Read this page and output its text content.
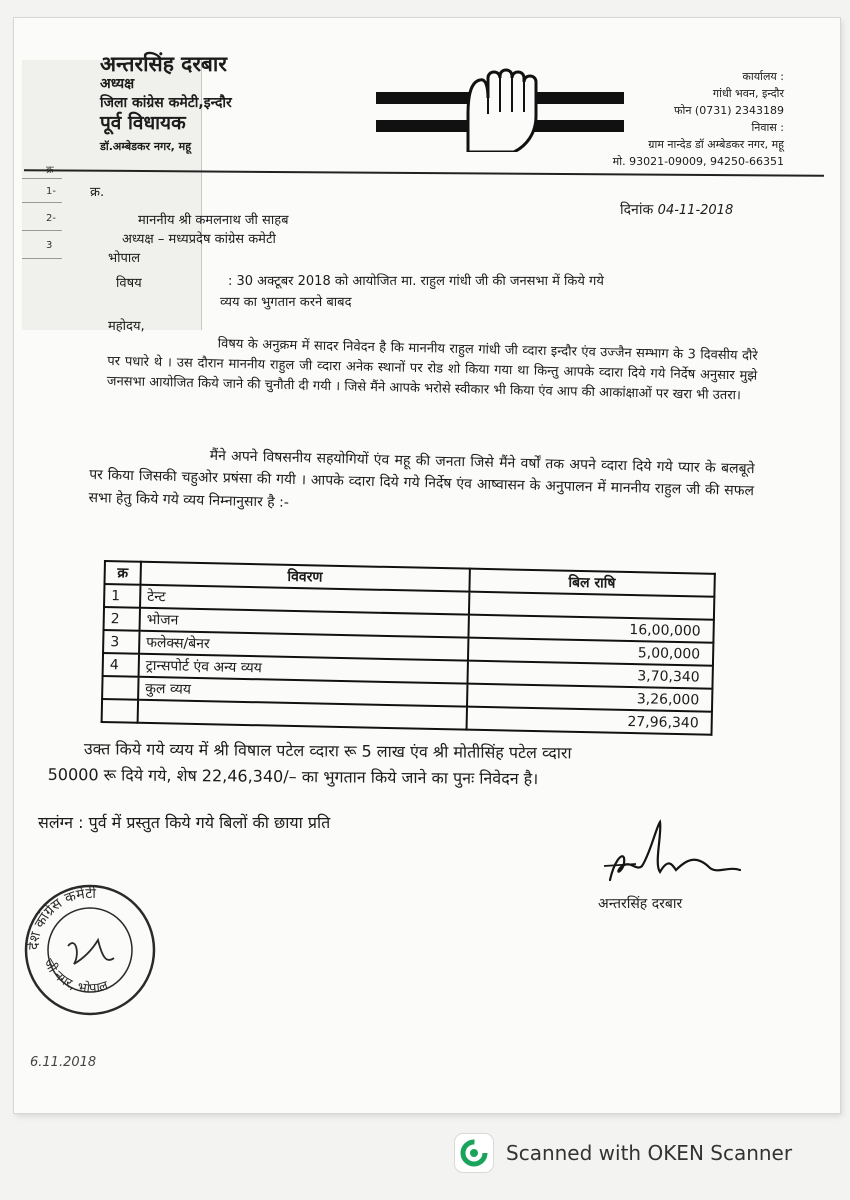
1-
2-
3
अन्तरसिंह दरबार
अध्यक्ष
जिला कांग्रेस कमेटी,इन्दौर
पूर्व विधायक
डॉ.अम्बेडकर नगर, महू
कार्यालय :
गांधी भवन, इन्दौर
फोन (0731) 2343189
निवास :
ग्राम नान्देड डॉ अम्बेडकर नगर, महू
मो. 93021-09009, 94250-66351
क्र.
दिनांक 04-11-2018
माननीय श्री कमलनाथ जी साहब
अध्यक्ष – मध्यप्रदेष कांग्रेस कमेटी
भोपाल
विषय	: 30 अक्टूबर 2018 को आयोजित मा. राहुल गांधी जी की जनसभा में किये गये
व्यय का भुगतान करने बाबद
महोदय,
विषय के अनुक्रम में सादर निवेदन है कि माननीय राहुल गांधी जी व्दारा इन्दौर एंव उज्जैन सम्भाग के 3 दिवसीय दौरे पर पधारे थे । उस दौरान माननीय राहुल जी व्दारा अनेक स्थानों पर रोड शो किया गया था किन्तु आपके व्दारा दिये गये निर्देष अनुसार मुझे जनसभा आयोजित किये जाने की चुनौती दी गयी । जिसे मैंने आपके भरोसे स्वीकार भी किया एंव आप की आकांक्षाओं पर खरा भी उतरा।
मैंने अपने विषसनीय सहयोगियों एंव महू की जनता जिसे मैंने वर्षों तक अपने व्दारा दिये गये प्यार के बलबूते पर किया जिसकी चहुओर प्रषंसा की गयी । आपके व्दारा दिये गये निर्देष एंव आष्वासन के अनुपालन में माननीय राहुल जी की सफल सभा हेतु किये गये व्यय निम्नानुसार है :-
क्र	विवरण	बिल राषि
1	टेन्ट	
2	भोजन	16,00,000
3	फलेक्स/बेनर	5,00,000
4	ट्रान्सपोर्ट एंव अन्य व्यय	3,70,340
	कुल व्यय	3,26,000
		27,96,340
उक्त किये गये व्यय में श्री विषाल पटेल व्दारा रू 5 लाख एंव श्री मोतीसिंह पटेल व्दारा
50000 रू दिये गये, शेष 22,46,340/– का भुगतान किये जाने का पुनः निवेदन है।
सलंग्न : पुर्व में प्रस्तुत किये गये बिलों की छाया प्रति
अन्तरसिंह दरबार
देश कांग्रेस कमेटी
जी नगर, भोपाल
6.11.2018
Scanned with OKEN Scanner
